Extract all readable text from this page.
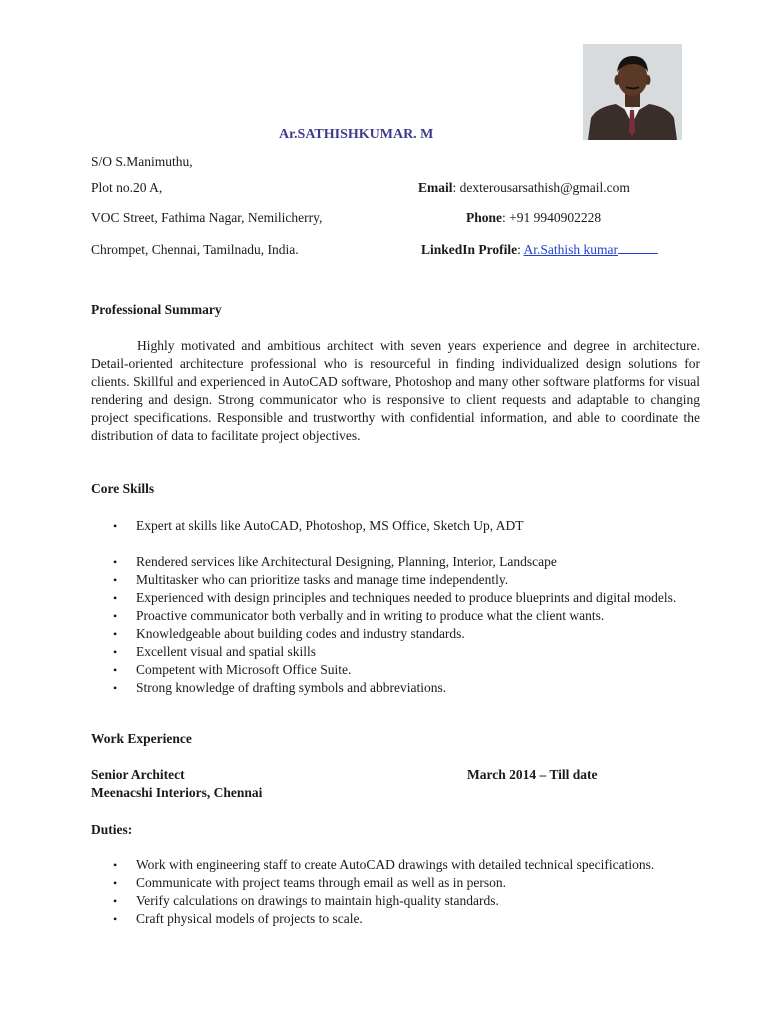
Ar.SATHISHKUMAR. M
S/O S.Manimuthu,
Plot no.20 A,
VOC Street, Fathima Nagar, Nemilicherry,
Chrompet, Chennai, Tamilnadu, India.
Email: dexterousarsathish@gmail.com
Phone: +91 9940902228
LinkedIn Profile: Ar.Sathish kumar
Professional Summary
Highly motivated and ambitious architect with seven years experience and degree in architecture. Detail-oriented architecture professional who is resourceful in finding individualized design solutions for clients. Skillful and experienced in AutoCAD software, Photoshop and many other software platforms for visual rendering and design. Strong communicator who is responsive to client requests and adaptable to changing project specifications. Responsible and trustworthy with confidential information, and able to coordinate the distribution of data to facilitate project objectives.
Core Skills
• Expert at skills like AutoCAD, Photoshop, MS Office, Sketch Up, ADT
• Rendered services like Architectural Designing, Planning, Interior, Landscape
• Multitasker who can prioritize tasks and manage time independently.
• Experienced with design principles and techniques needed to produce blueprints and digital models.
• Proactive communicator both verbally and in writing to produce what the client wants.
• Knowledgeable about building codes and industry standards.
• Excellent visual and spatial skills
• Competent with Microsoft Office Suite.
• Strong knowledge of drafting symbols and abbreviations.
Work Experience
Senior Architect	March 2014 – Till date
Meenacshi Interiors, Chennai
Duties:
• Work with engineering staff to create AutoCAD drawings with detailed technical specifications.
• Communicate with project teams through email as well as in person.
• Verify calculations on drawings to maintain high-quality standards.
• Craft physical models of projects to scale.
